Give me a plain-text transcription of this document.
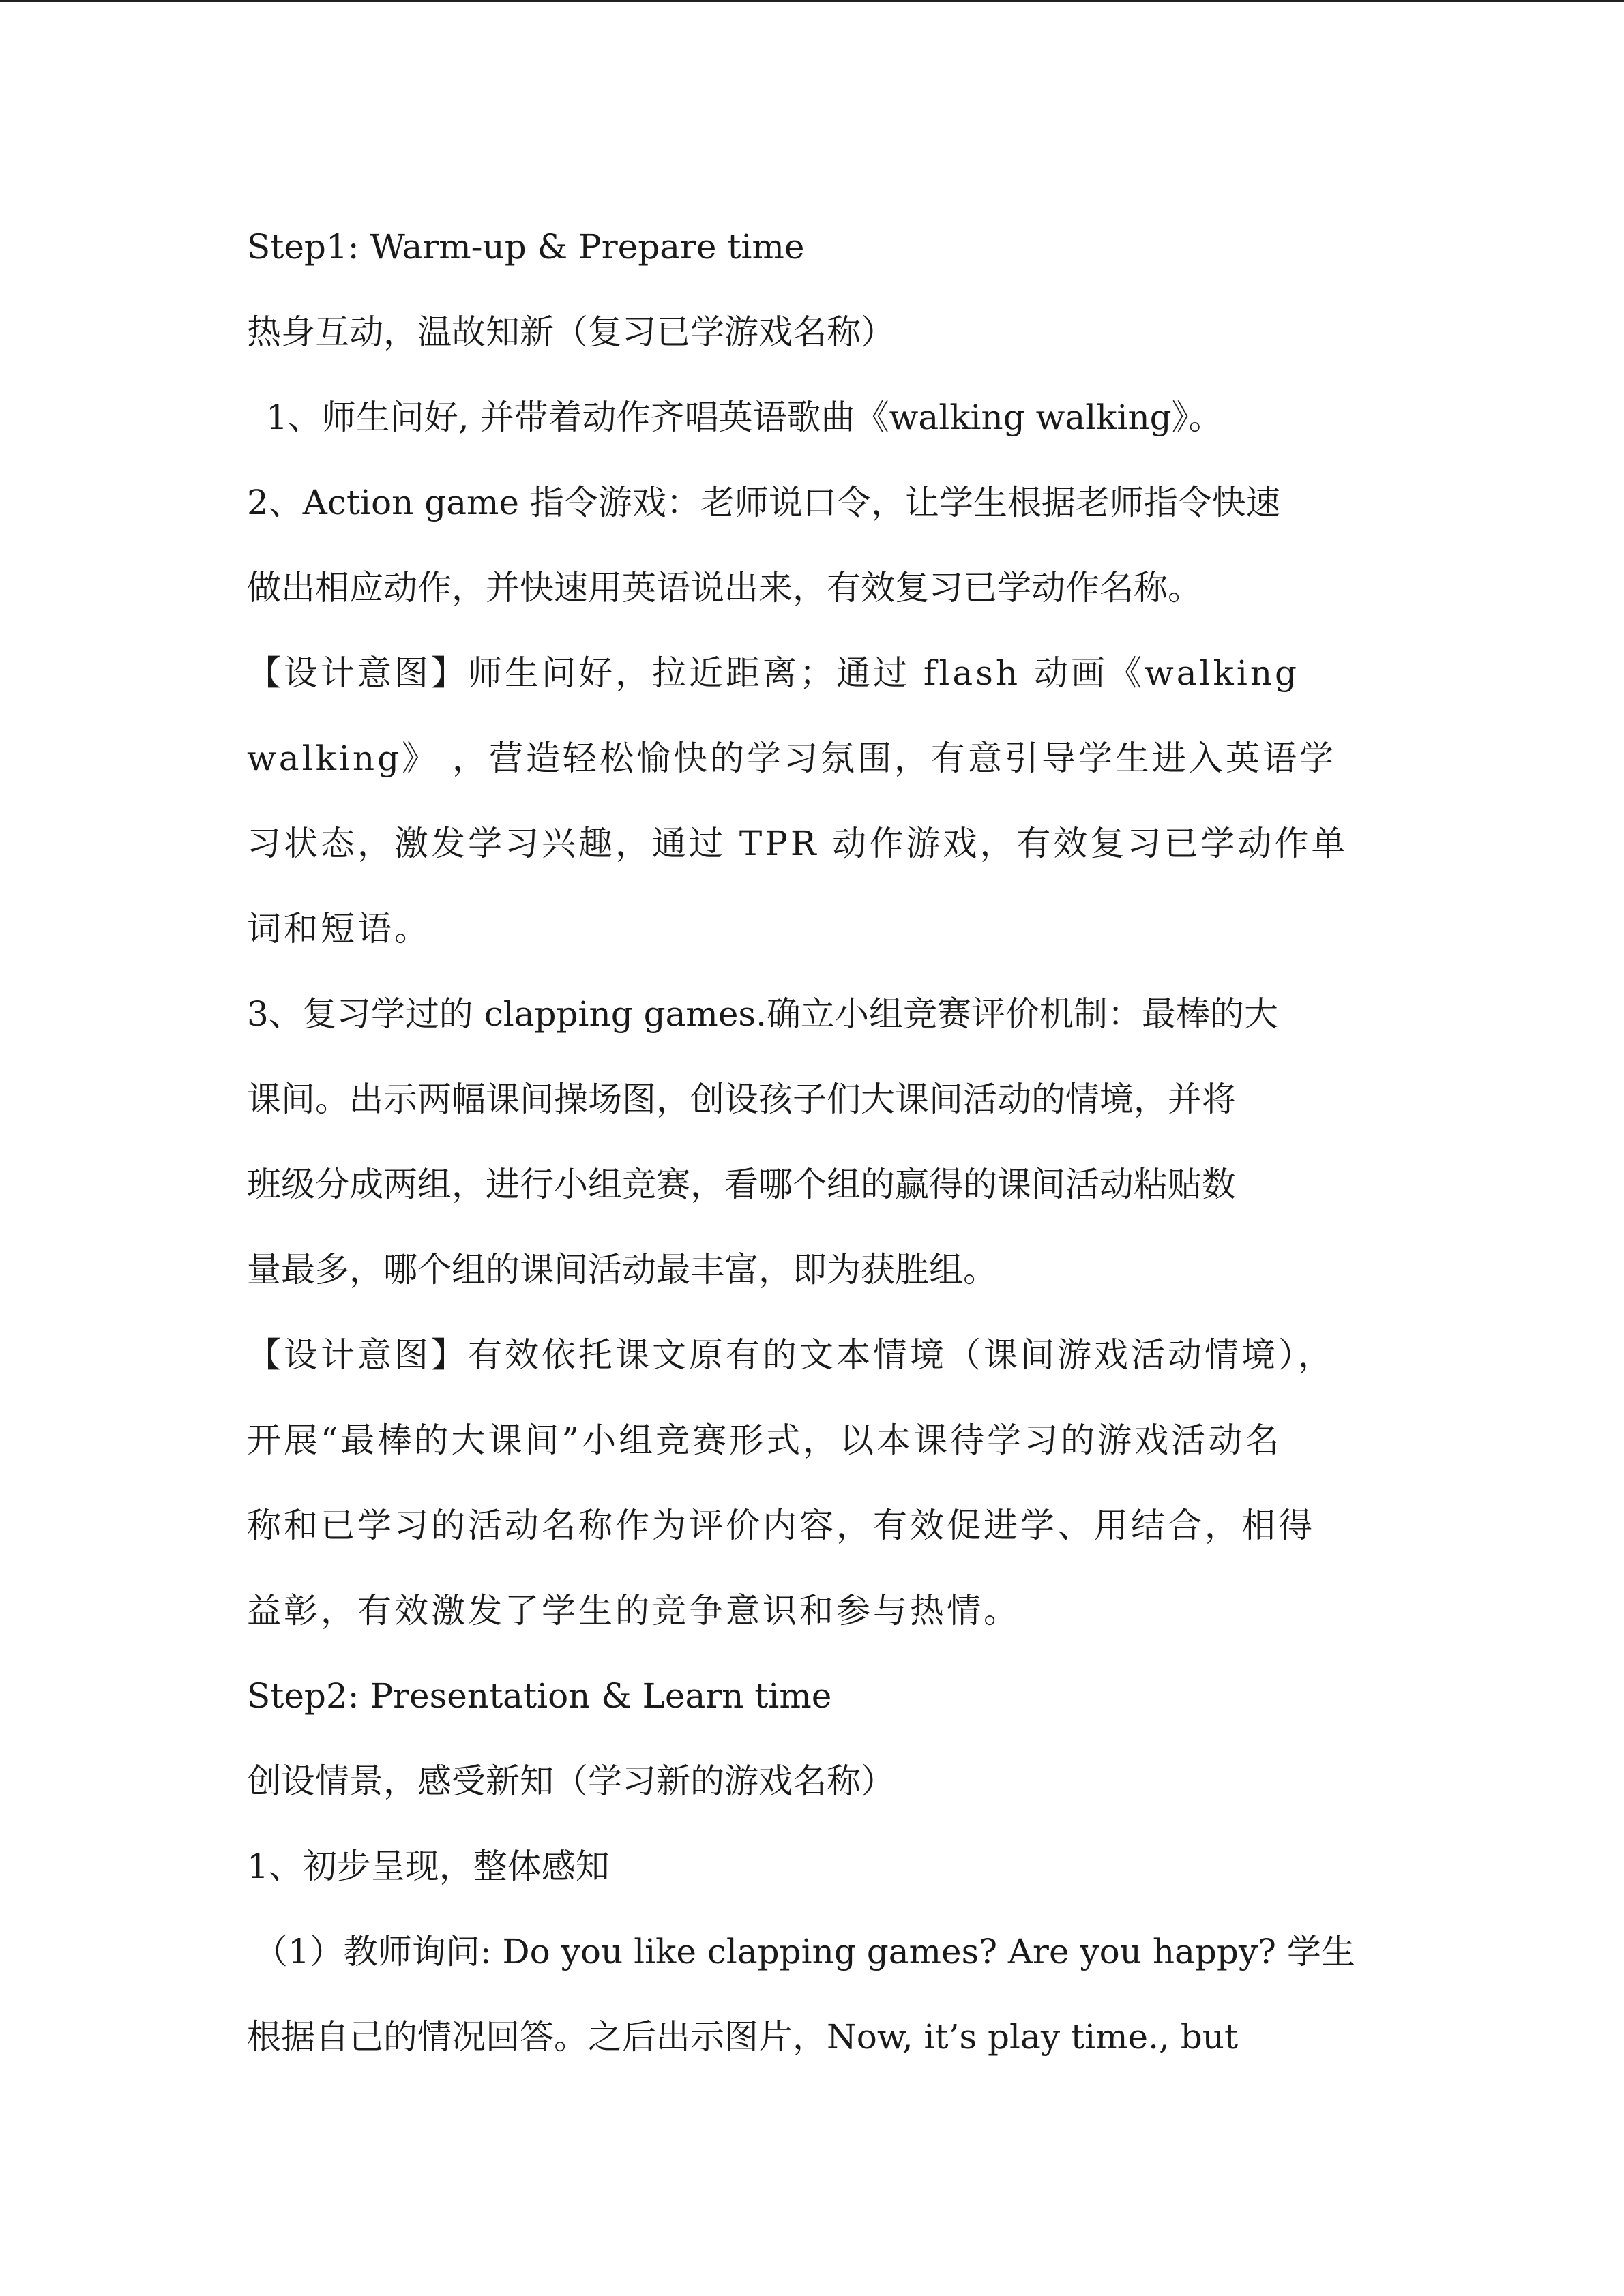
Step1: Warm-up & Prepare time

热身互动，温故知新（复习已学游戏名称）

1、师生问好, 并带着动作齐唱英语歌曲《walking walking》。

2、Action game 指令游戏：老师说口令，让学生根据老师指令快速

做出相应动作，并快速用英语说出来，有效复习已学动作名称。

【设计意图】师生问好，拉近距离；通过 flash 动画《walking

walking》 ，营造轻松愉快的学习氛围，有意引导学生进入英语学

习状态，激发学习兴趣，通过 TPR 动作游戏，有效复习已学动作单

词和短语。

3、复习学过的 clapping games.确立小组竞赛评价机制：最棒的大

课间。出示两幅课间操场图，创设孩子们大课间活动的情境，并将

班级分成两组，进行小组竞赛，看哪个组的赢得的课间活动粘贴数

量最多，哪个组的课间活动最丰富，即为获胜组。

【设计意图】有效依托课文原有的文本情境（课间游戏活动情境），

开展“最棒的大课间”小组竞赛形式，以本课待学习的游戏活动名

称和已学习的活动名称作为评价内容，有效促进学、用结合，相得

益彰，有效激发了学生的竞争意识和参与热情。

Step2: Presentation & Learn time

创设情景，感受新知（学习新的游戏名称）

1、初步呈现，整体感知

（1）教师询问: Do you like clapping games? Are you happy? 学生

根据自己的情况回答。之后出示图片，Now, it’s play time., but
